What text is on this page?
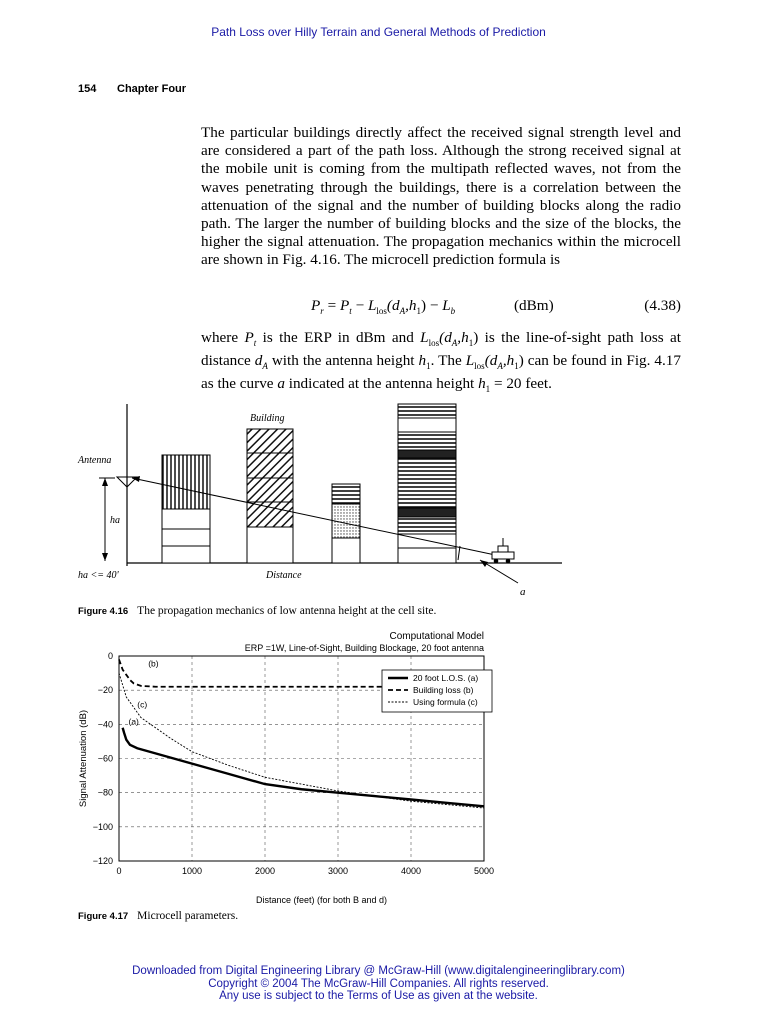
Path Loss over Hilly Terrain and General Methods of Prediction
154 Chapter Four
The particular buildings directly affect the received signal strength level and are considered a part of the path loss. Although the strong received signal at the mobile unit is coming from the multipath reflected waves, not from the waves penetrating through the buildings, there is a correlation between the attenuation of the signal and the number of building blocks along the radio path. The larger the number of building blocks and the size of the blocks, the higher the signal attenuation. The propagation mechanics within the microcell are shown in Fig. 4.16. The microcell prediction formula is
$P_r = P_t - L_{los}(d_A,h_1) - L_b$	(dBm)	(4.38)
where $P_t$ is the ERP in dBm and $L_{los}(d_A,h_1)$ is the line-of-sight path loss at distance $d_A$ with the antenna height $h_1$. The $L_{los}(d_A,h_1)$ can be found in Fig. 4.17 as the curve a indicated at the antenna height $h_1 = 20$ feet.
Building
Antenna
ha
ha <= 40'	Distance
a
Figure 4.16 The propagation mechanics of low antenna height at the cell site.
Computational Model
ERP =1W, Line-of-Sight, Building Blockage, 20 foot antenna
0	1000	2000	3000	4000	5000
0
−20
−40
−60
−80
−100
−120
20 foot L.O.S. (a)
Building loss (b)
Using formula (c)
(a)
(b)
(c)
Signal Attenuation (dB)
Distance (feet) (for both B and d)
Figure 4.17 Microcell parameters.
Downloaded from Digital Engineering Library @ McGraw-Hill (www.digitalengineeringlibrary.com)
Copyright © 2004 The McGraw-Hill Companies. All rights reserved.
Any use is subject to the Terms of Use as given at the website.
